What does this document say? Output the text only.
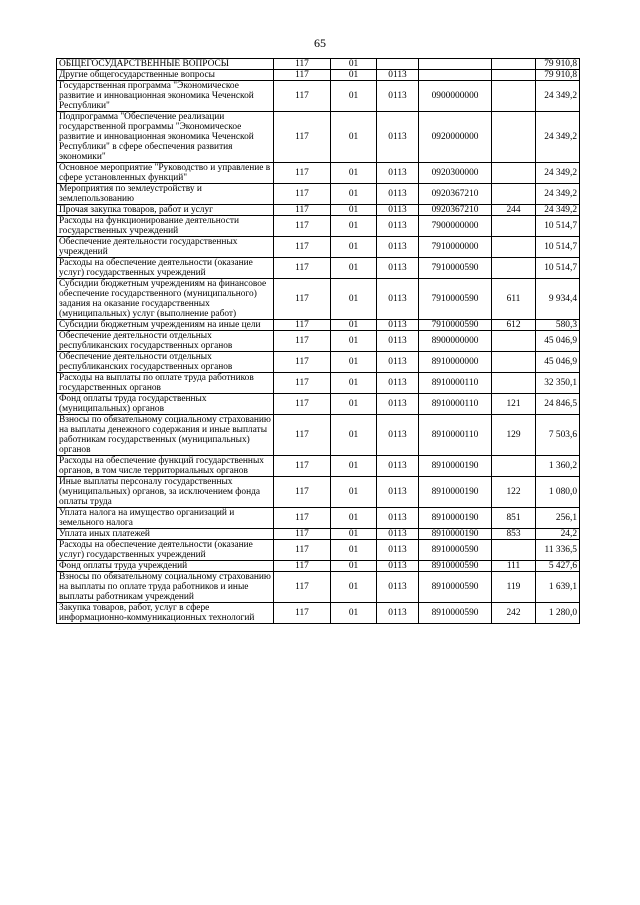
65
ОБЩЕГОСУДАРСТВЕННЫЕ ВОПРОСЫ	117	01				79 910,8
Другие общегосударственные вопросы	117	01	0113			79 910,8
Государственная программа "Экономическое развитие и инновационная экономика Чеченской Республики"	117	01	0113	0900000000		24 349,2
Подпрограмма "Обеспечение реализации государственной программы "Экономическое развитие и инновационная экономика Чеченской Республики" в сфере обеспечения развития экономики"	117	01	0113	0920000000		24 349,2
Основное мероприятие "Руководство и управление в сфере установленных функций"	117	01	0113	0920300000		24 349,2
Мероприятия по землеустройству и землепользованию	117	01	0113	0920367210		24 349,2
Прочая закупка товаров, работ и услуг	117	01	0113	0920367210	244	24 349,2
Расходы на функционирование деятельности государственных учреждений	117	01	0113	7900000000		10 514,7
Обеспечение деятельности государственных учреждений	117	01	0113	7910000000		10 514,7
Расходы на обеспечение деятельности (оказание услуг) государственных учреждений	117	01	0113	7910000590		10 514,7
Субсидии бюджетным учреждениям на финансовое обеспечение государственного (муниципального) задания на оказание государственных (муниципальных) услуг (выполнение работ)	117	01	0113	7910000590	611	9 934,4
Субсидии бюджетным учреждениям на иные цели	117	01	0113	7910000590	612	580,3
Обеспечение деятельности отдельных республиканских государственных органов	117	01	0113	8900000000		45 046,9
Обеспечение деятельности отдельных республиканских государственных органов	117	01	0113	8910000000		45 046,9
Расходы на выплаты по оплате труда работников государственных органов	117	01	0113	8910000110		32 350,1
Фонд оплаты труда государственных (муниципальных) органов	117	01	0113	8910000110	121	24 846,5
Взносы по обязательному социальному страхованию на выплаты денежного содержания и иные выплаты работникам государственных (муниципальных) органов	117	01	0113	8910000110	129	7 503,6
Расходы на обеспечение функций государственных органов, в том числе территориальных органов	117	01	0113	8910000190		1 360,2
Иные выплаты персоналу государственных (муниципальных) органов, за исключением фонда оплаты труда	117	01	0113	8910000190	122	1 080,0
Уплата налога на имущество организаций и земельного налога	117	01	0113	8910000190	851	256,1
Уплата иных платежей	117	01	0113	8910000190	853	24,2
Расходы на обеспечение деятельности (оказание услуг) государственных учреждений	117	01	0113	8910000590		11 336,5
Фонд оплаты труда учреждений	117	01	0113	8910000590	111	5 427,6
Взносы по обязательному социальному страхованию на выплаты по оплате труда работников и иные выплаты работникам учреждений	117	01	0113	8910000590	119	1 639,1
Закупка товаров, работ, услуг в сфере информационно-коммуникационных технологий	117	01	0113	8910000590	242	1 280,0
